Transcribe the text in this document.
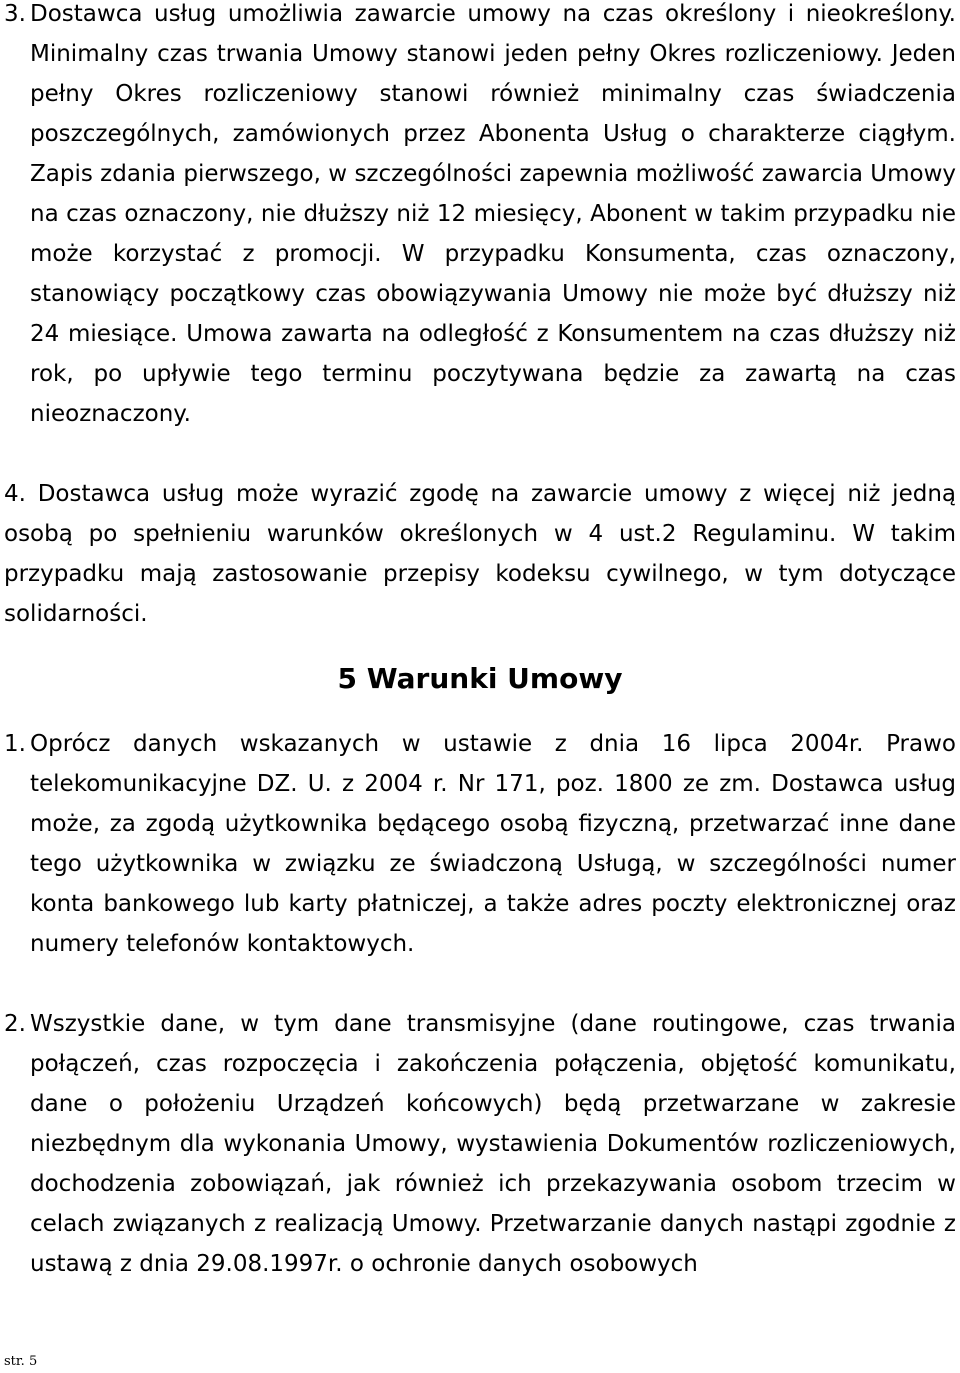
3. Dostawca usług umożliwia zawarcie umowy na czas określony i nieokreślony. Minimalny czas trwania Umowy stanowi jeden pełny Okres rozliczeniowy. Jeden pełny Okres rozliczeniowy stanowi również minimalny czas świadczenia poszczególnych, zamówionych przez Abonenta Usług o charakterze ciągłym. Zapis zdania pierwszego, w szczególności zapewnia możliwość zawarcia Umowy na czas oznaczony, nie dłuższy niż 12 miesięcy, Abonent w takim przypadku nie może korzystać z promocji. W przypadku Konsumenta, czas oznaczony, stanowiący początkowy czas obowiązywania Umowy nie może być dłuższy niż 24 miesiące. Umowa zawarta na odległość z Konsumentem na czas dłuższy niż rok, po upływie tego terminu poczytywana będzie za zawartą na czas nieoznaczony.
4. Dostawca usług może wyrazić zgodę na zawarcie umowy z więcej niż jedną osobą po spełnieniu warunków określonych w 4 ust.2 Regulaminu. W takim przypadku mają zastosowanie przepisy kodeksu cywilnego, w tym dotyczące solidarności.
5 Warunki Umowy
1. Oprócz danych wskazanych w ustawie z dnia 16 lipca 2004r. Prawo telekomunikacyjne DZ. U. z 2004 r. Nr 171, poz. 1800 ze zm. Dostawca usług może, za zgodą użytkownika będącego osobą fizyczną, przetwarzać inne dane tego użytkownika w związku ze świadczoną Usługą, w szczególności numer konta bankowego lub karty płatniczej, a także adres poczty elektronicznej oraz numery telefonów kontaktowych.
2. Wszystkie dane, w tym dane transmisyjne (dane routingowe, czas trwania połączeń, czas rozpoczęcia i zakończenia połączenia, objętość komunikatu, dane o położeniu Urządzeń końcowych) będą przetwarzane w zakresie niezbędnym dla wykonania Umowy, wystawienia Dokumentów rozliczeniowych, dochodzenia zobowiązań, jak również ich przekazywania osobom trzecim w celach związanych z realizacją Umowy. Przetwarzanie danych nastąpi zgodnie z ustawą z dnia 29.08.1997r. o ochronie danych osobowych
str. 5
